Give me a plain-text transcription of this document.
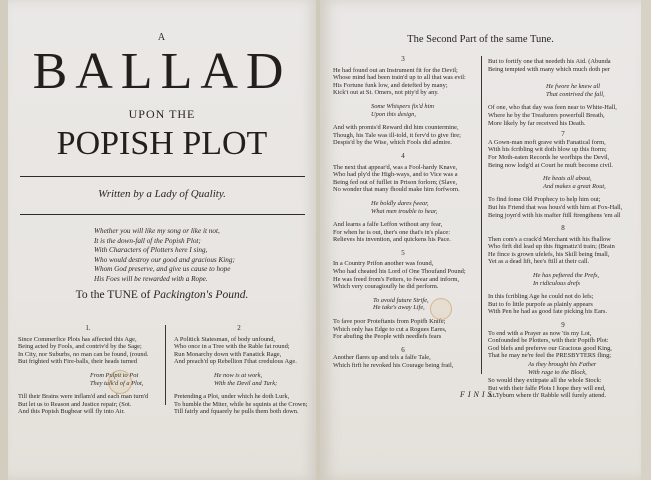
A
BALLAD
UPON THE
POPISH PLOT
Written by a Lady of Quality.
Whether you will like my song or like it not,
It is the down-fall of the Popish Plot;
With Characters of Plotters here I sing,
Who would destroy our good and gracious King;
Whom God preserve, and give us cause to hope
His Foes will be rewarded with a Rope.
To the TUNE of Packington's Pound.
1.
Since Commerfice Plots has affected this Age,
Being acted by Fools, and contriv'd by the Sage;
In City, nor Suburbs, no man can be found, (round.
But frighted with Fire-balls, their heads turned
From Pulpit to Pot
They talk'd of a Plot,
Till their Brains were inflam'd and each man turn'd
But let us to Reason and Justice repair; (Sot.
And this Popish Bugbear will fly into Air.
2
A Politick Statesman, of body unfound,
Who once in a Tree with the Rable fat round;
Run Monarchy down with Fanatick Rage,
And preach'd up Rebellion I'that credulous Age.
He now is at work,
With the Devil and Turk;
Pretending a Plot, under which he doth Lurk,
To humble the Miter, while he squints at the Crown;
Till fairly and fquarely he pulls them both down.
The Second Part of the same Tune.
3
He had found out an Instrument fit for the Devil;
Whose mind had been train'd up to all that was evil:
His Fortune funk low, and detefted by many;
Kick't out at St. Omers, not pity'd by any.
Some Whispers fix'd him
Upon this design,
And with promis'd Reward did him countermine,
Though, his Tale was ill-told, it ferv'd to give fire;
Despis'd by the Wise, which Fools did admire.
4
The next that appear'd, was a Fool-hardy Knave,
Who had ply'd the High-ways, and to Vice was a
Being fed out of fufllet in Prison forlorn; (Slave,
No wonder that many fhould make him forfworn.
He boldly dares fwear,
What men trouble to hear,
And learns a falfe Leffon without any fear,
For when he is out, ther's one that's in's place:
Relieves his invention, and quickens his Pace.
5
In a Country Prifon another was found,
Who had cheated his Lord of One Thoufand Pound;
He was freed from's Fetters, to fwear and inform,
Which very couragioufly he did perform.
To avoid future Strife,
He take's away Life,
To fave poor Proteftants from Popifh Knife;
Which only has Edge to cut a Rogues Eares,
For abufing the People with needlefs fears
6
Another flares up and tels a falfe Tale,
Which firft he revoked his Courage being frail,
But to fortify one that needeth his Aid. (Abunda
Being tempted with many which much doth per
He fwore he knew all
That contrived the fall,
Of one, who that day was feen near to White-Hall,
Where he by the Treafurers powerfull Breath,
More likely by far received his Death.
7
A Gown-man moft grave with Fanatical form,
With his fcribling wit doth blow up this ftorm;
For Moth-eaten Records he worfhips the Devil,
Being now lodg'd at Court he muft become civil.
He beats all about,
And makes a great Rout,
To find fome Old Prophecy to help him out;
But his Friend that was hous'd with him at Fox-Hall,
Being joyn'd with his mafter ftill ftrengthens 'em all
8
Then com's a crack'd Merchant with his fhallow
Who firft did lead up this ftigmatiz'd train; (Brain
He fince is grown ufelefs, his Skill being fmall,
Yet as a dead lift, hee's ftill at their call.
He has peftered the Prefs,
In ridiculous drefs
In this fcribling Age he could not do lefs;
But to fo little purpofe as plainly appears
With Pen he had as good fate picking his Ears.
9
To end with a Prayer as now 'tis my Lot,
Confounded be Plotters, with their Popifh Plot:
God blefs and preferve our Gracious good King,
That he may ne're feel the PRESBYTERS fling;
As they brought his Father
With rage to the Block,
So would they extirpate all the whole Stock:
But with their falfe Plots I hope they will end,
At Tyburn where th' Rabble will furely attend.
FINIS.
